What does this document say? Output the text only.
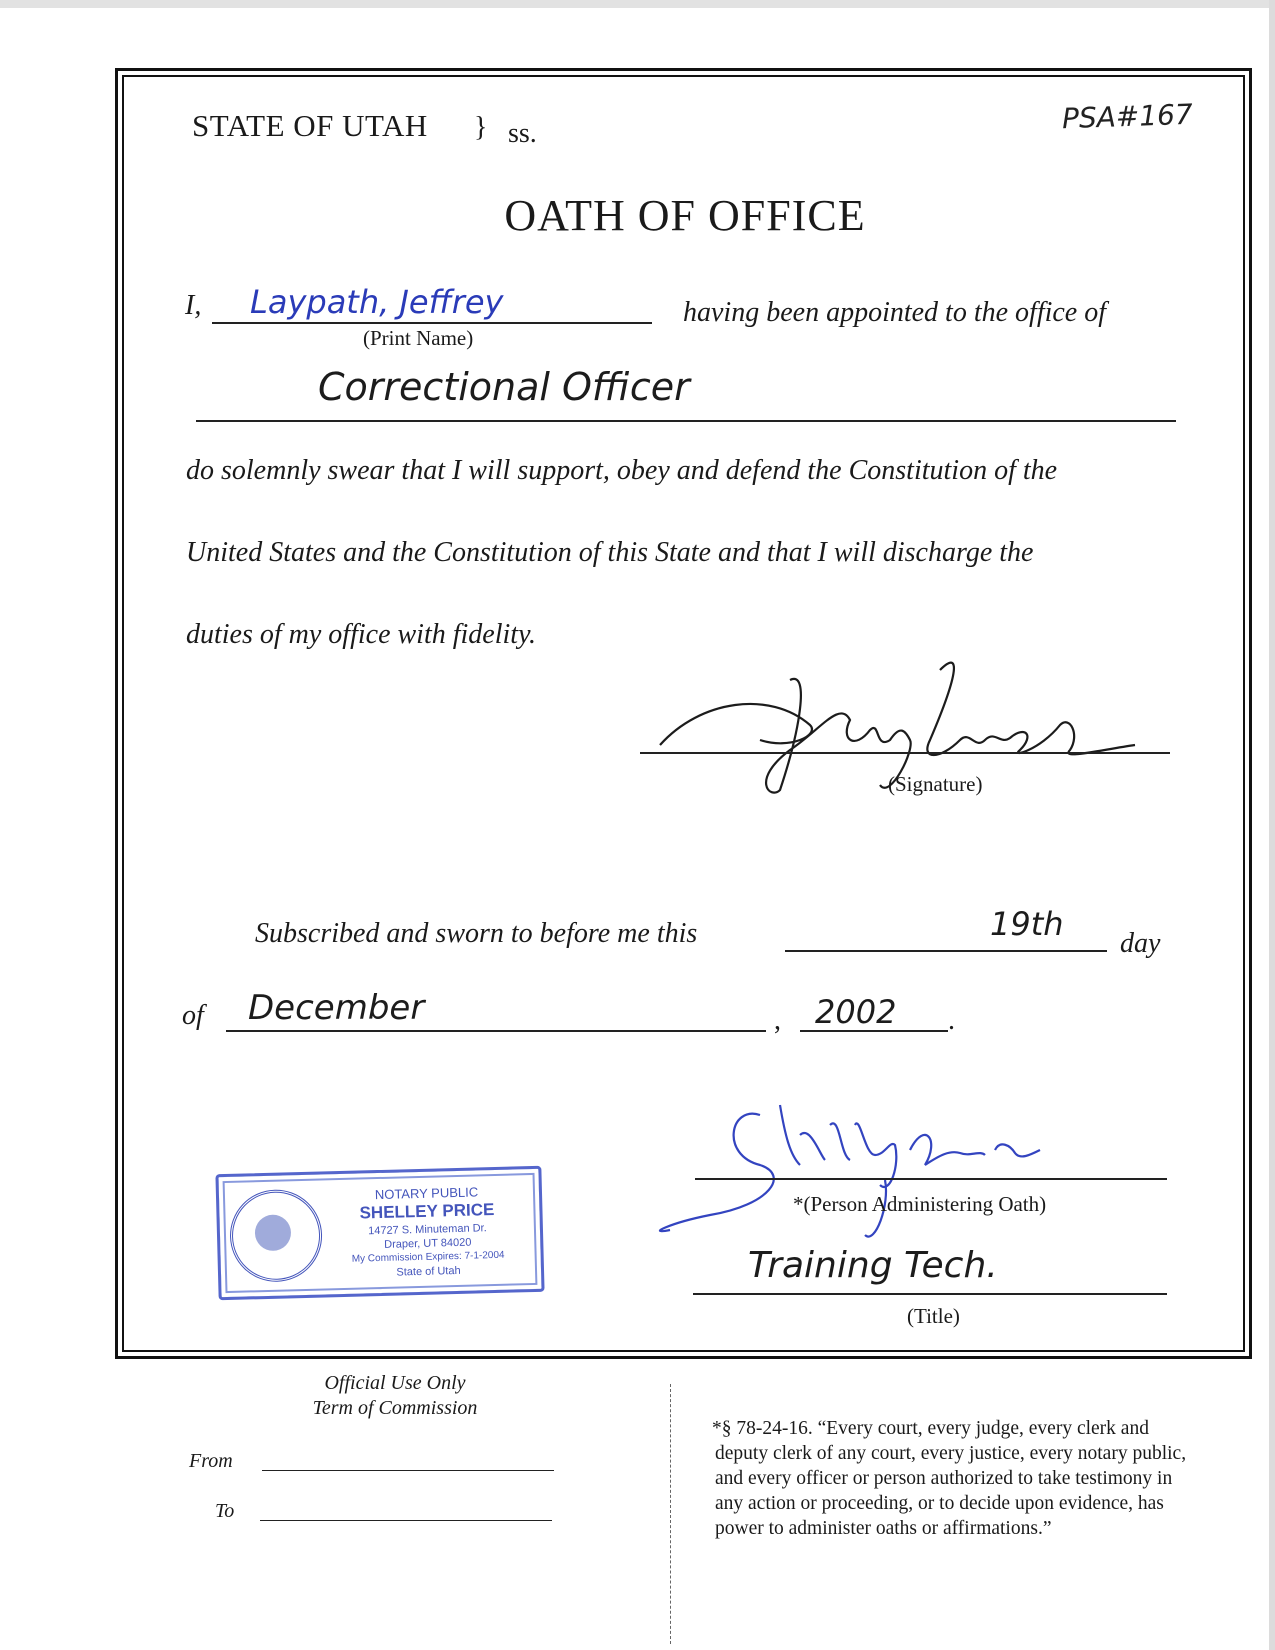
STATE OF UTAH } ss.	PSA#167
OATH OF OFFICE
I, Laypath, Jeffrey
(Print Name)
having been appointed to the office of
Correctional Officer
do solemnly swear that I will support, obey and defend the Constitution of the
United States and the Constitution of this State and that I will discharge the
duties of my office with fidelity.
(Signature)
Subscribed and sworn to before me this	19th
day
of December	, 2002 .
*(Person Administering Oath)
Training Tech.
(Title)
NOTARY PUBLIC
SHELLEY PRICE
14727 S. Minuteman Dr.
Draper, UT 84020
My Commission Expires: 7-1-2004
State of Utah
Official Use Only
Term of Commission
From
To
*§ 78-24-16. “Every court, every judge, every clerk and
deputy clerk of any court, every justice, every notary public,
and every officer or person authorized to take testimony in
any action or proceeding, or to decide upon evidence, has
power to administer oaths or affirmations.”
